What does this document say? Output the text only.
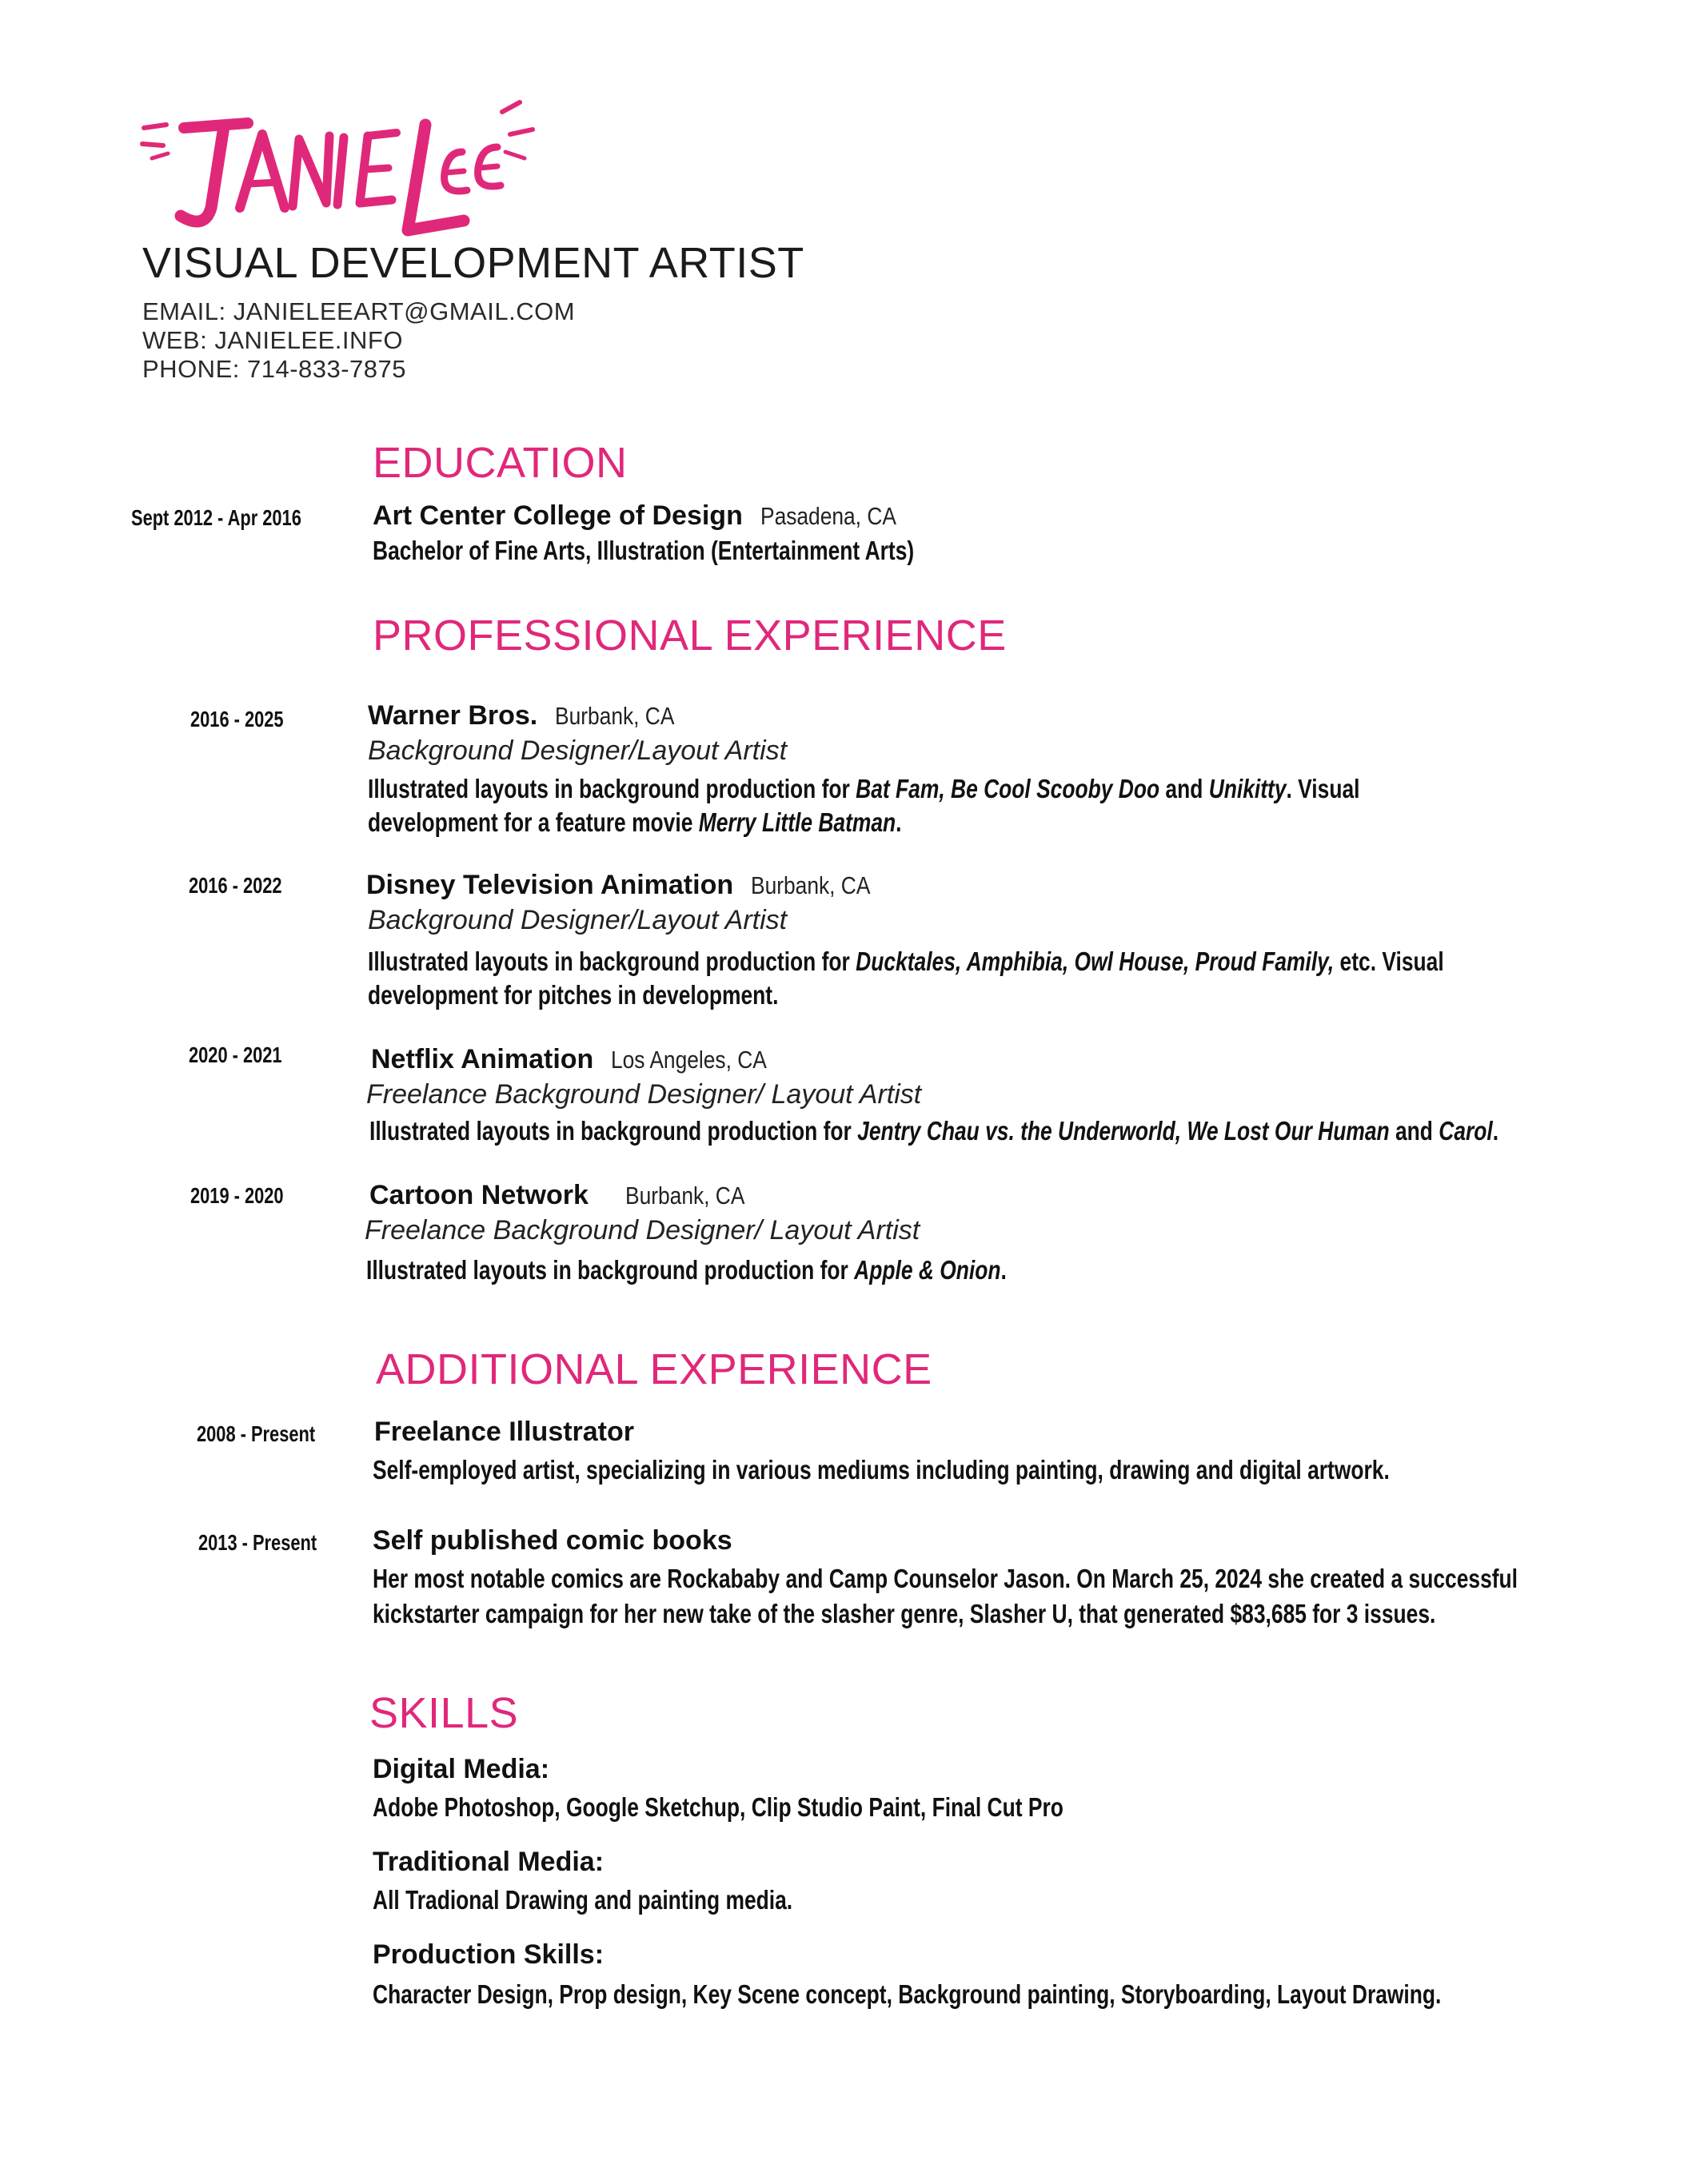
VISUAL DEVELOPMENT ARTIST
EMAIL: JANIELEEART@GMAIL.COM
WEB: JANIELEE.INFO
PHONE: 714-833-7875
EDUCATION
Sept 2012 - Apr 2016	Art Center College of Design Pasadena, CA
Bachelor of Fine Arts, Illustration (Entertainment Arts)
PROFESSIONAL EXPERIENCE
2016 - 2025	Warner Bros. Burbank, CA
Background Designer/Layout Artist
Illustrated layouts in background production for Bat Fam, Be Cool Scooby Doo and Unikitty. Visual
development for a feature movie Merry Little Batman.
2016 - 2022	Disney Television Animation Burbank, CA
Background Designer/Layout Artist
Illustrated layouts in background production for Ducktales, Amphibia, Owl House, Proud Family, etc. Visual
development for pitches in development.
2020 - 2021	Netflix Animation Los Angeles, CA
Freelance Background Designer/ Layout Artist
Illustrated layouts in background production for Jentry Chau vs. the Underworld, We Lost Our Human and Carol.
2019 - 2020	Cartoon Network Burbank, CA
Freelance Background Designer/ Layout Artist
Illustrated layouts in background production for Apple & Onion.
ADDITIONAL EXPERIENCE
2008 - Present Freelance Illustrator
Self-employed artist, specializing in various mediums including painting, drawing and digital artwork.
2013 - Present Self published comic books
Her most notable comics are Rockababy and Camp Counselor Jason. On March 25, 2024 she created a successful
kickstarter campaign for her new take of the slasher genre, Slasher U, that generated $83,685 for 3 issues.
SKILLS
Digital Media:
Adobe Photoshop, Google Sketchup, Clip Studio Paint, Final Cut Pro
Traditional Media:
All Tradional Drawing and painting media.
Production Skills:
Character Design, Prop design, Key Scene concept, Background painting, Storyboarding, Layout Drawing.
